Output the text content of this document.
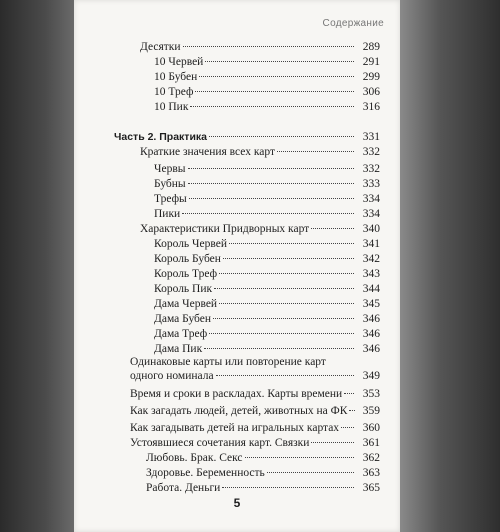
Содержание
Десятки	289
10 Червей	291
10 Бубен	299
10 Треф	306
10 Пик	316
Часть 2. Практика	331
Краткие значения всех карт	332
Червы	332
Бубны	333
Трефы	334
Пики	334
Характеристики Придворных карт	340
Король Червей	341
Король Бубен	342
Король Треф	343
Король Пик	344
Дама Червей	345
Дама Бубен	346
Дама Треф	346
Дама Пик	346
Одинаковые карты или повторение карт
одного номинала	349
Время и сроки в раскладах. Карты времени	353
Как загадать людей, детей, животных на ФК	359
Как загадывать детей на игральных картах	360
Устоявшиеся сочетания карт. Связки	361
Любовь. Брак. Секс	362
Здоровье. Беременность	363
Работа. Деньги	365
5
